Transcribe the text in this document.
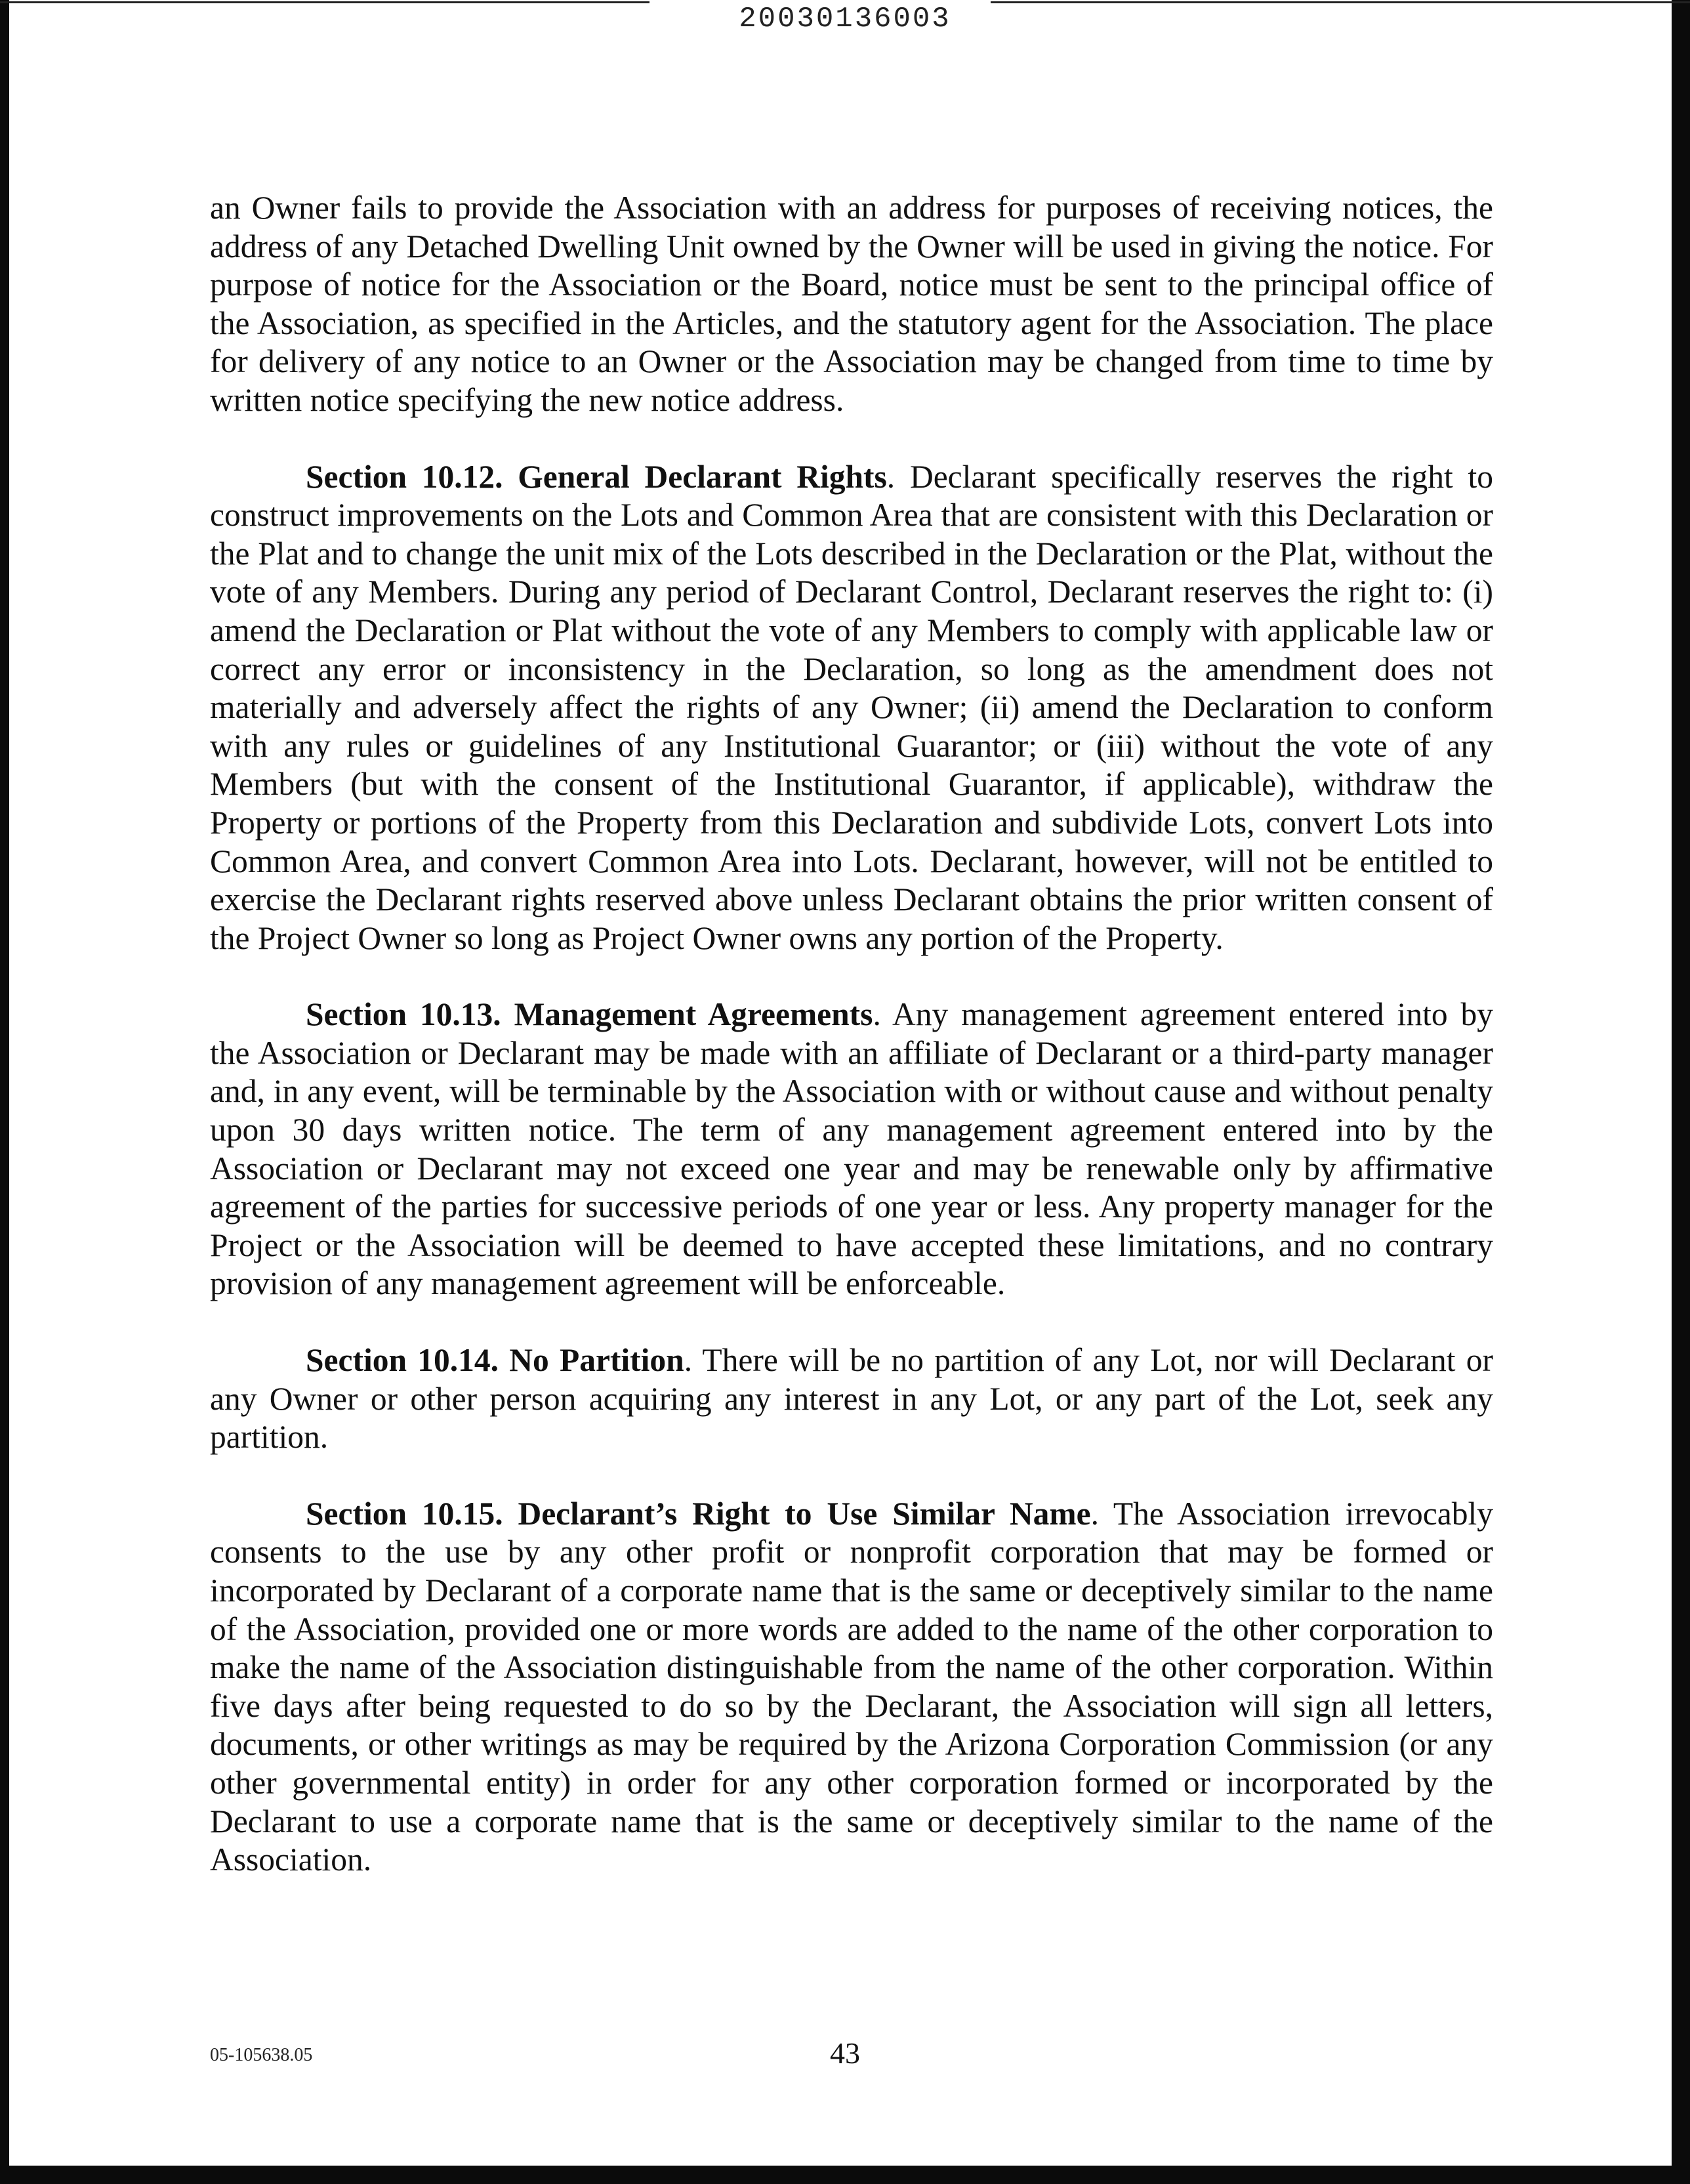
20030136003

an Owner fails to provide the Association with an address for purposes of receiving notices, the address of any Detached Dwelling Unit owned by the Owner will be used in giving the notice. For purpose of notice for the Association or the Board, notice must be sent to the principal office of the Association, as specified in the Articles, and the statutory agent for the Association. The place for delivery of any notice to an Owner or the Association may be changed from time to time by written notice specifying the new notice address.

Section 10.12. General Declarant Rights. Declarant specifically reserves the right to construct improvements on the Lots and Common Area that are consistent with this Declaration or the Plat and to change the unit mix of the Lots described in the Declaration or the Plat, without the vote of any Members. During any period of Declarant Control, Declarant reserves the right to: (i) amend the Declaration or Plat without the vote of any Members to comply with applicable law or correct any error or inconsistency in the Declaration, so long as the amendment does not materially and adversely affect the rights of any Owner; (ii) amend the Declaration to conform with any rules or guidelines of any Institutional Guarantor; or (iii) without the vote of any Members (but with the consent of the Institutional Guarantor, if applicable), withdraw the Property or portions of the Property from this Declaration and subdivide Lots, convert Lots into Common Area, and convert Common Area into Lots. Declarant, however, will not be entitled to exercise the Declarant rights reserved above unless Declarant obtains the prior written consent of the Project Owner so long as Project Owner owns any portion of the Property.

Section 10.13. Management Agreements. Any management agreement entered into by the Association or Declarant may be made with an affiliate of Declarant or a third-party manager and, in any event, will be terminable by the Association with or without cause and without penalty upon 30 days written notice. The term of any management agreement entered into by the Association or Declarant may not exceed one year and may be renewable only by affirmative agreement of the parties for successive periods of one year or less. Any property manager for the Project or the Association will be deemed to have accepted these limitations, and no contrary provision of any management agreement will be enforceable.

Section 10.14. No Partition. There will be no partition of any Lot, nor will Declarant or any Owner or other person acquiring any interest in any Lot, or any part of the Lot, seek any partition.

Section 10.15. Declarant’s Right to Use Similar Name. The Association irrevocably consents to the use by any other profit or nonprofit corporation that may be formed or incorporated by Declarant of a corporate name that is the same or deceptively similar to the name of the Association, provided one or more words are added to the name of the other corporation to make the name of the Association distinguishable from the name of the other corporation. Within five days after being requested to do so by the Declarant, the Association will sign all letters, documents, or other writings as may be required by the Arizona Corporation Commission (or any other governmental entity) in order for any other corporation formed or incorporated by the Declarant to use a corporate name that is the same or deceptively similar to the name of the Association.

05-105638.05	43
